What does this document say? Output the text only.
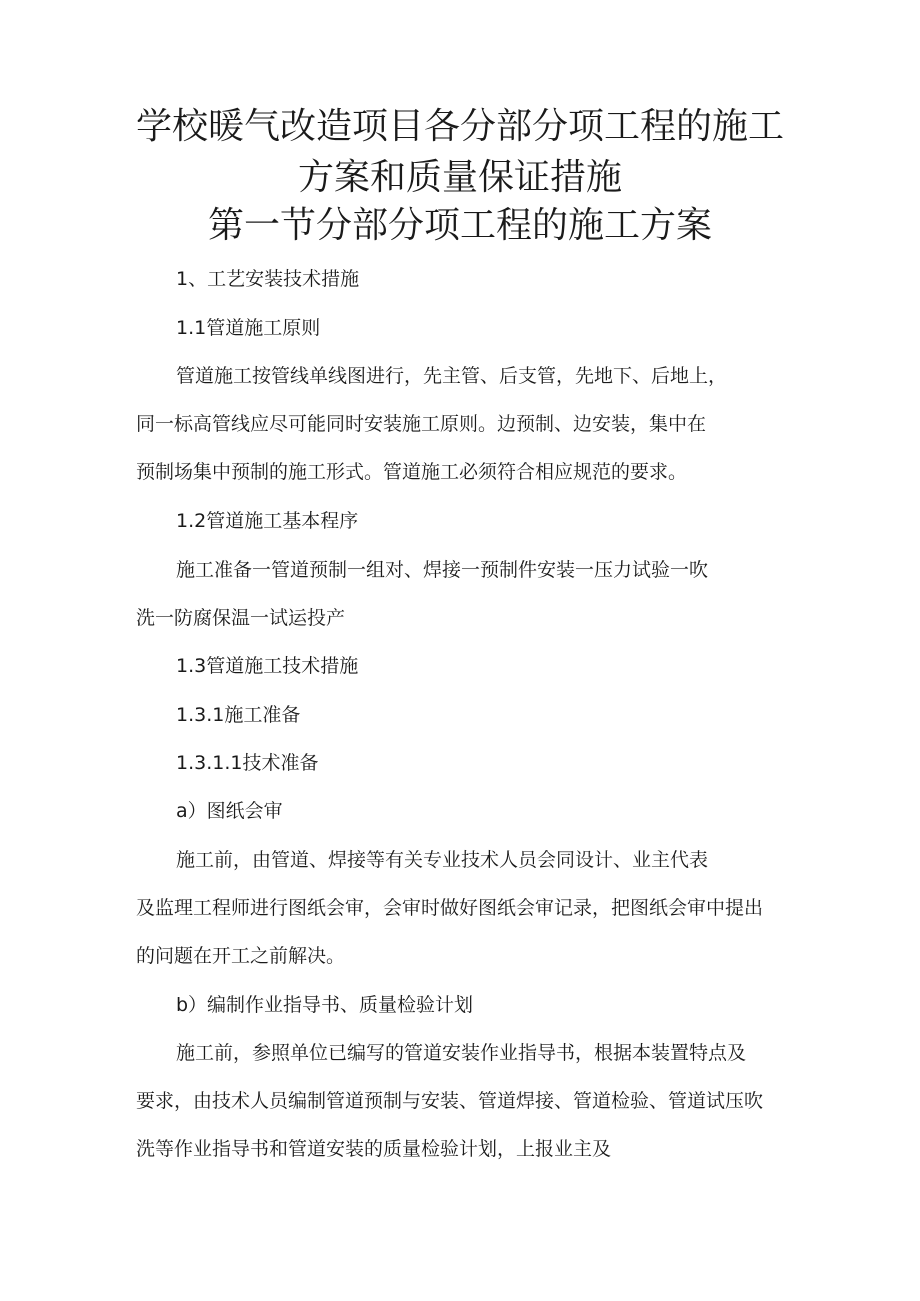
学校暖气改造项目各分部分项工程的施工
方案和质量保证措施
第一节分部分项工程的施工方案

1、工艺安装技术措施

1.1管道施工原则

管道施工按管线单线图进行，先主管、后支管，先地下、后地上，

同一标高管线应尽可能同时安装施工原则。边预制、边安装，集中在

预制场集中预制的施工形式。管道施工必须符合相应规范的要求。

1.2管道施工基本程序

施工准备一管道预制一组对、焊接一预制件安装一压力试验一吹

洗一防腐保温一试运投产

1.3管道施工技术措施

1.3.1施工准备

1.3.1.1技术准备

a）图纸会审

施工前，由管道、焊接等有关专业技术人员会同设计、业主代表

及监理工程师进行图纸会审，会审时做好图纸会审记录，把图纸会审中提出

的问题在开工之前解决。

b）编制作业指导书、质量检验计划

施工前，参照单位已编写的管道安装作业指导书，根据本装置特点及

要求，由技术人员编制管道预制与安装、管道焊接、管道检验、管道试压吹

洗等作业指导书和管道安装的质量检验计划，上报业主及
